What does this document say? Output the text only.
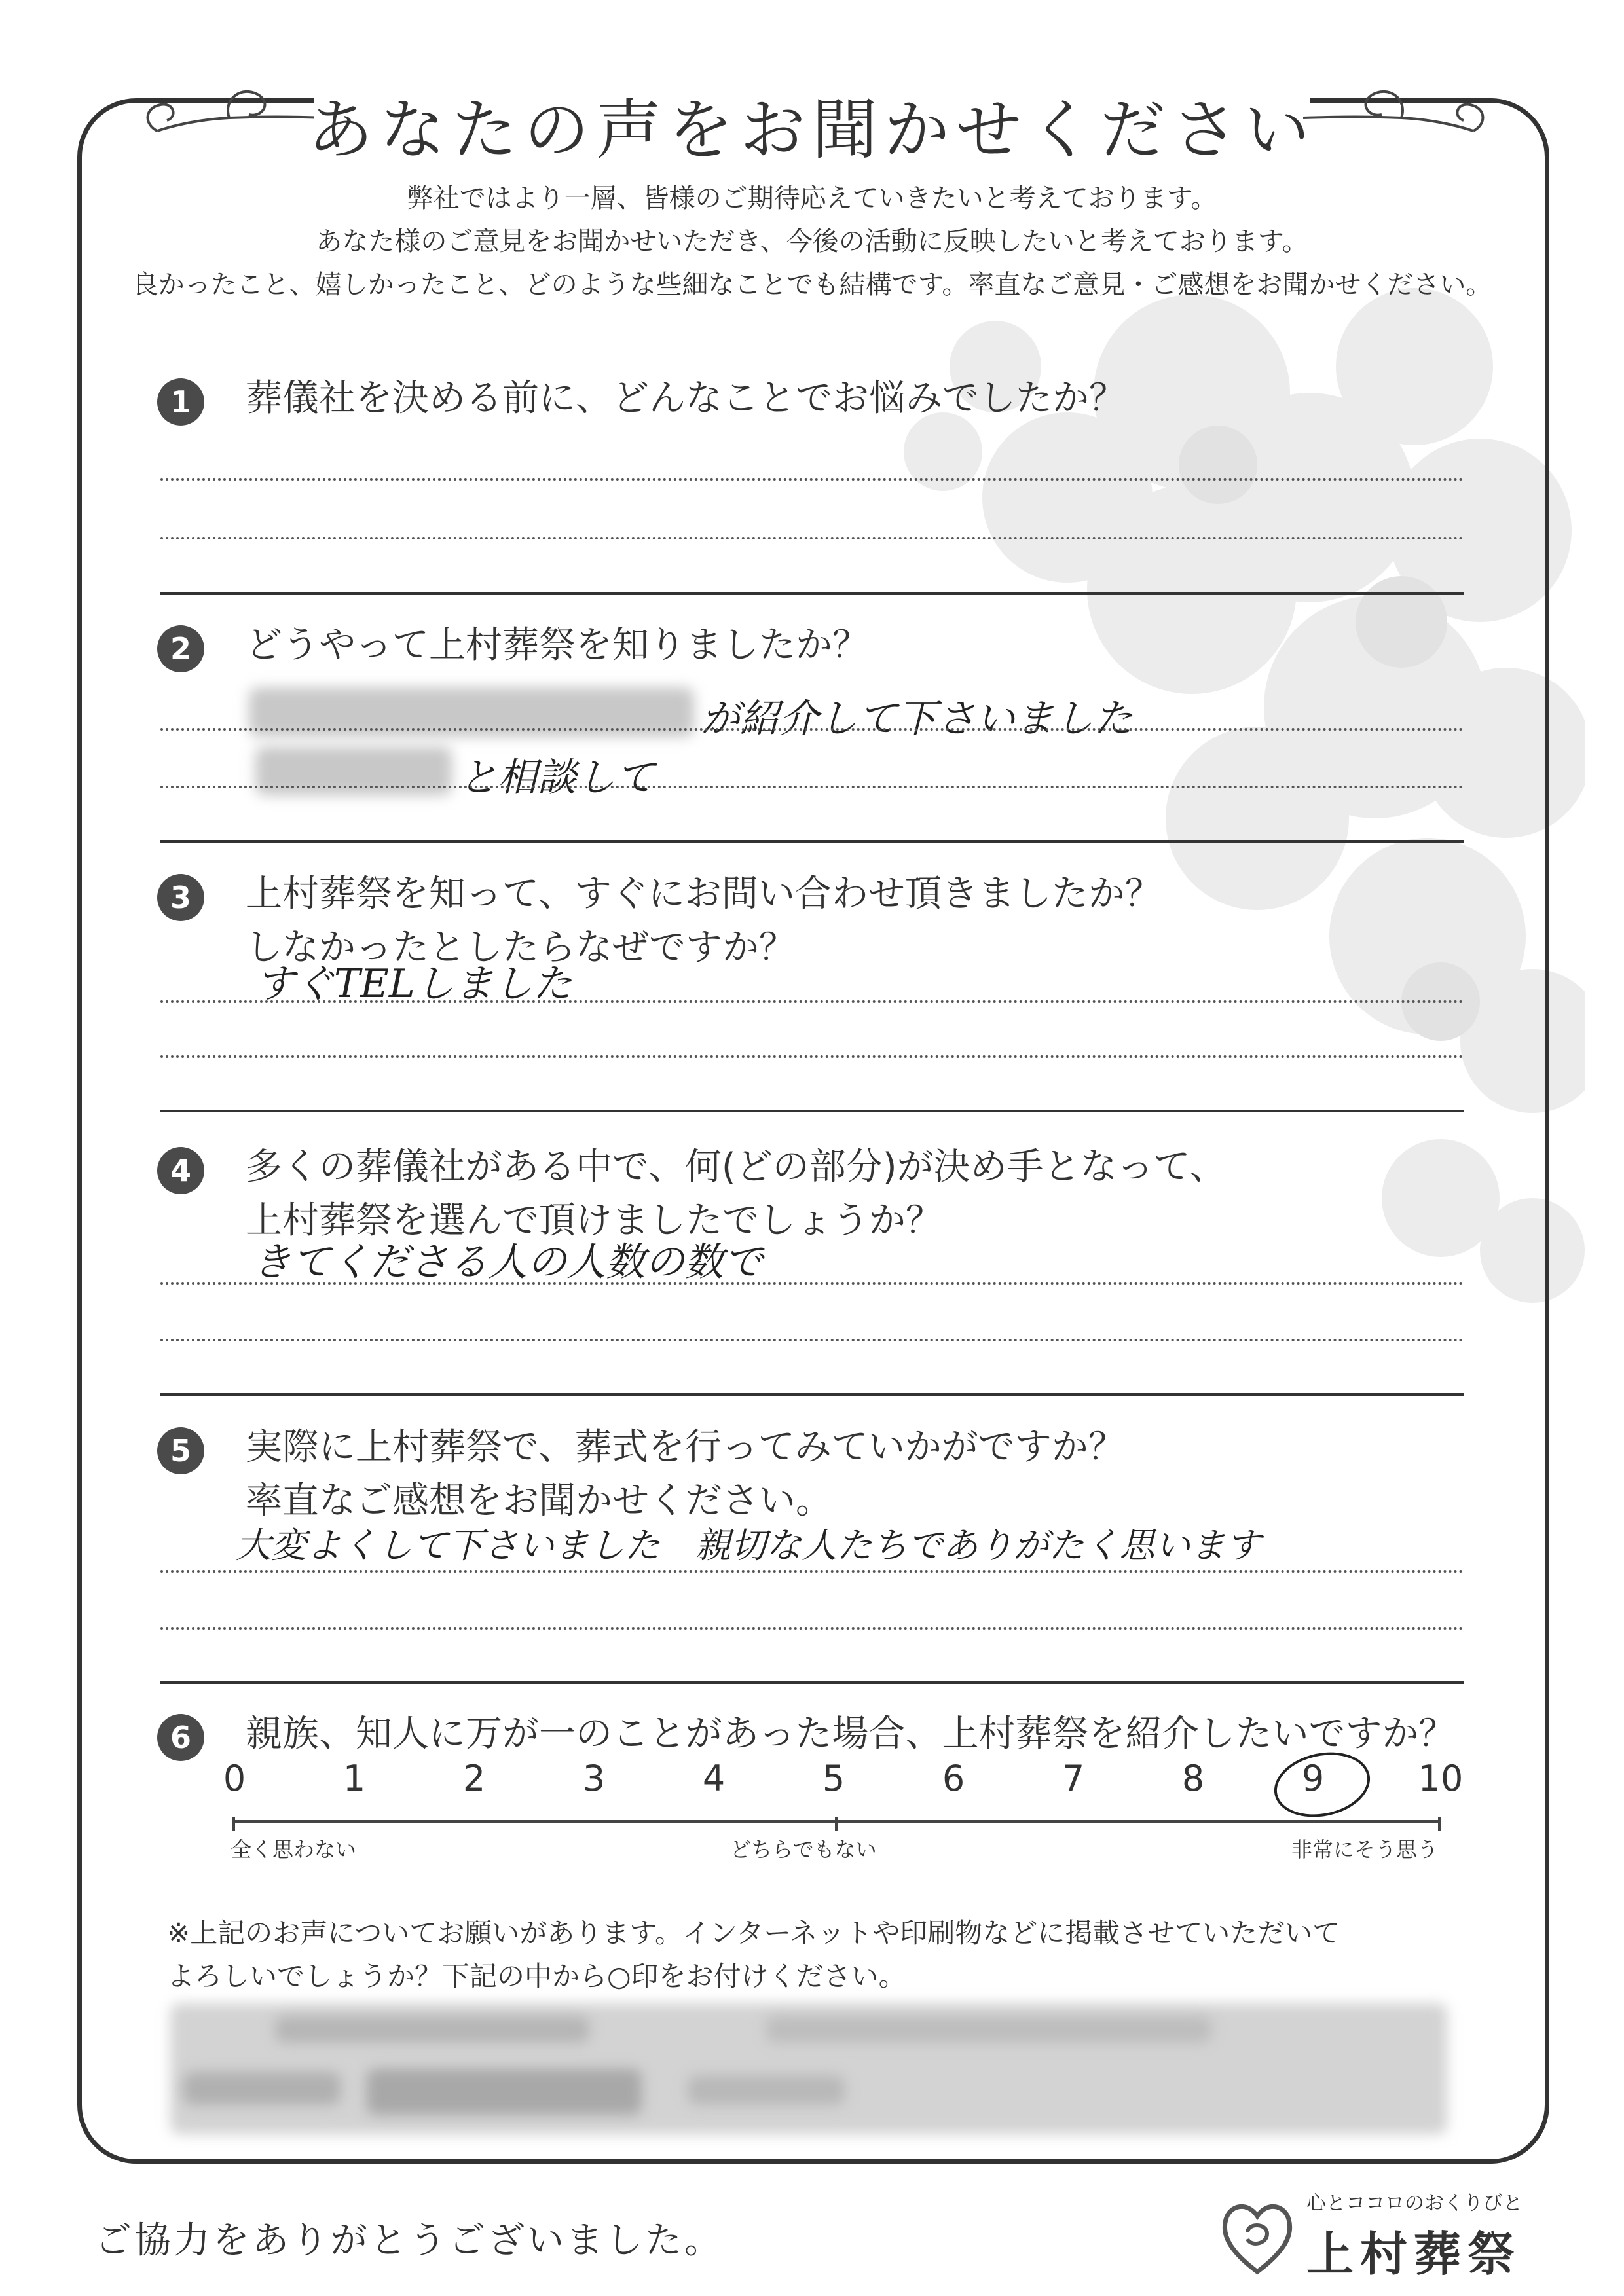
あなたの声をお聞かせください
弊社ではより一層、皆様のご期待応えていきたいと考えております。
あなた様のご意見をお聞かせいただき、今後の活動に反映したいと考えております。
良かったこと、嬉しかったこと、どのような些細なことでも結構です。率直なご意見・ご感想をお聞かせください。
1	葬儀社を決める前に、どんなことでお悩みでしたか？
2	どうやって上村葬祭を知りましたか？
が紹介して下さいました
と相談して
3	上村葬祭を知って、すぐにお問い合わせ頂きましたか？
しなかったとしたらなぜですか？
すぐTELしました
4	多くの葬儀社がある中で、何(どの部分)が決め手となって、
上村葬祭を選んで頂けましたでしょうか？
きてくださる人の人数の数で
5	実際に上村葬祭で、葬式を行ってみていかがですか？
率直なご感想をお聞かせください。
大変よくして下さいました　親切な人たちでありがたく思います
6	親族、知人に万が一のことがあった場合、上村葬祭を紹介したいですか？
0	1	2	3	4	5	6	7	8	9	10
全く思わない	どちらでもない	非常にそう思う
※上記のお声についてお願いがあります。インターネットや印刷物などに掲載させていただいて
よろしいでしょうか？下記の中から○印をお付けください。
ご協力をありがとうございました。
心とココロのおくりびと
上村葬祭
